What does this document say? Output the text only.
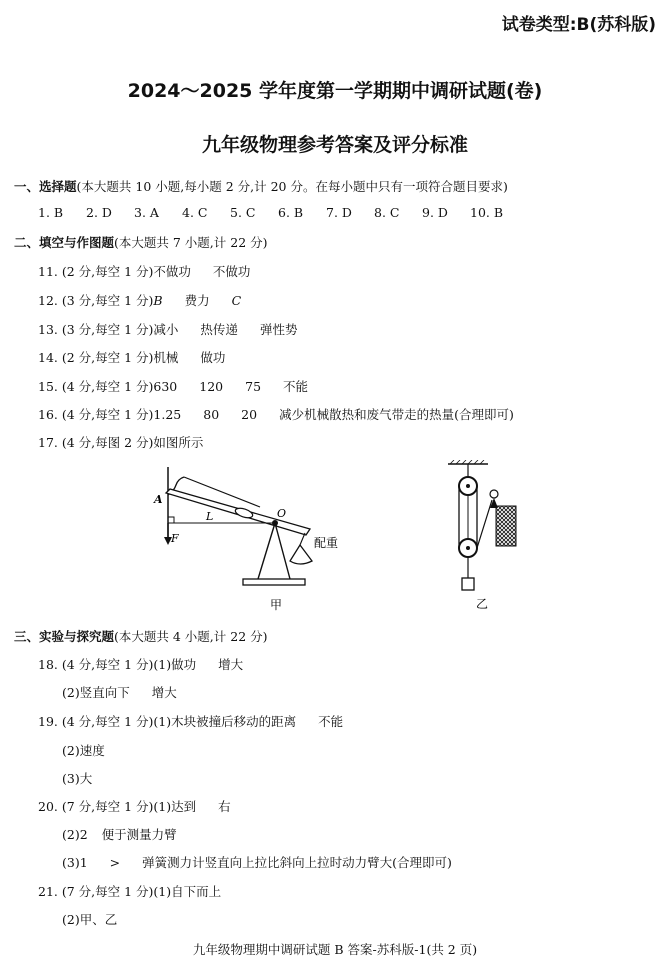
试卷类型:B(苏科版)
2024～2025 学年度第一学期期中调研试题(卷)
九年级物理参考答案及评分标准
一、选择题(本大题共 10 小题,每小题 2 分,计 20 分。在每小题中只有一项符合题目要求)
1. B	2. D	3. A	4. C	5. C	6. B	7. D	8. C	9. D	10. B
二、填空与作图题(本大题共 7 小题,计 22 分)
11. (2 分,每空 1 分)不做功 不做功
12. (3 分,每空 1 分)B 费力 C
13. (3 分,每空 1 分)减小 热传递 弹性势
14. (2 分,每空 1 分)机械 做功
15. (4 分,每空 1 分)630 120 75 不能
16. (4 分,每空 1 分)1.25 80 20 减少机械散热和废气带走的热量(合理即可)
17. (4 分,每图 2 分)如图所示
A
L	O
F	配重
甲	乙
三、实验与探究题(本大题共 4 小题,计 22 分)
18. (4 分,每空 1 分)(1)做功 增大
(2)竖直向下 增大
19. (4 分,每空 1 分)(1)木块被撞后移动的距离 不能
(2)速度
(3)大
20. (7 分,每空 1 分)(1)达到 右
(2)2 便于测量力臂
(3)1 > 弹簧测力计竖直向上拉比斜向上拉时动力臂大(合理即可)
21. (7 分,每空 1 分)(1)自下而上
(2)甲、乙
九年级物理期中调研试题 B 答案-苏科版-1(共 2 页)
